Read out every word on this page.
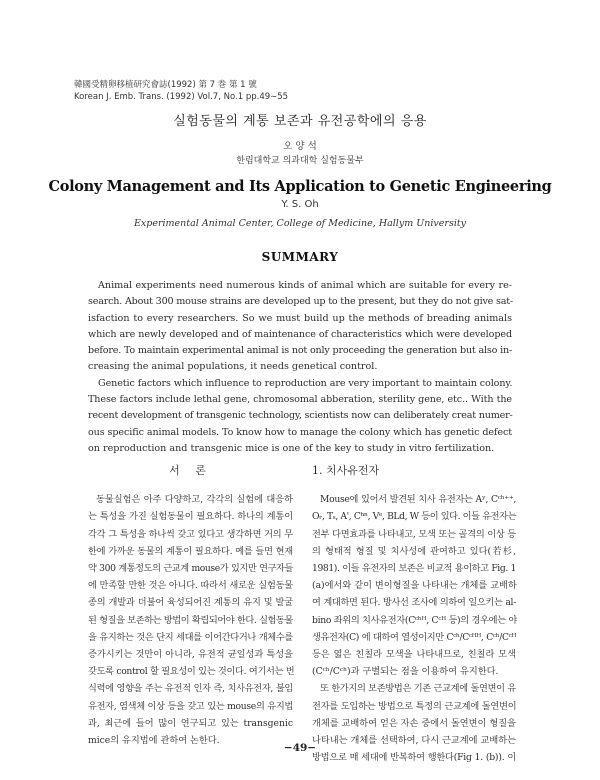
韓國受精卵移植研究會誌(1992) 第 7 巻 第 1 號
Korean J. Emb. Trans. (1992) Vol.7, No.1 pp.49∼55
실험동물의 계통 보존과 유전공학에의 응용
오 양 석
한림대학교 의과대학 실험동물부
Colony Management and Its Application to Genetic Engineering
Y. S. Oh
Experimental Animal Center, College of Medicine, Hallym University
SUMMARY
Animal experiments need numerous kinds of animal which are suitable for every re-
search. About 300 mouse strains are developed up to the present, but they do not give sat-
isfaction to every researchers. So we must build up the methods of breading animals
which are newly developed and of maintenance of characteristics which were developed
before. To maintain experimental animal is not only proceeding the generation but also in-
creasing the animal populations, it needs genetical control.
Genetic factors which influence to reproduction are very important to maintain colony.
These factors include lethal gene, chromosomal abberation, sterility gene, etc.. With the
recent development of transgenic technology, scientists now can deliberately creat numer-
ous specific animal models. To know how to manage the colony which has genetic defect
on reproduction and transgenic mice is one of the key to study in vitro fertilization.
서 론
동물실험은 아주 다양하고, 각각의 실험에 대응하
는 특성을 가진 실험동물이 필요하다. 하나의 계통이
각각 그 특성을 하나씩 갖고 있다고 생각하면 거의 무
한에 가까운 동물의 계통이 필요하다. 예를 들면 현재
약 300 계통정도의 근교계 mouse가 있지만 연구자들
에 만족할 만한 것은 아니다. 따라서 새로운 실험동물
종의 개발과 더불어 육성되어진 계통의 유지 및 발굴
된 형질을 보존하는 방법이 확립되어야 한다. 실험동물
을 유지하는 것은 단지 세대를 이어간다거나 개체수를
증가시키는 것만이 아니라, 유전적 균일성과 특성을
갖도록 control 할 필요성이 있는 것이다. 여기서는 번
식력에 영향을 주는 유전적 인자 즉, 치사유전자, 불임
유전자, 염색체 이상 등을 갖고 있는 mouse의 유지법
과, 최근에 들어 많이 연구되고 있는 transgenic
mice의 유지법에 관하여 논한다.
1. 치사유전자
Mouse에 있어서 발견된 치사 유전자는 Aʸ, Cᶜʰ⁺⁺,
Oᵣ, Tₛ, A', Cʰⁿ, Vᵉ, BLd, W 등이 있다. 이들 유전자는
전부 다면효과를 나타내고, 모색 또는 골격의 이상 등
의 형태적 형질 및 치사성에 관여하고 있다(若杉,
1981). 이들 유전자의 보존은 비교적 용이하고 Fig. 1
(a)에서와 같이 변이형질을 나타내는 개체를 교배하
여 계대하면 된다. 방사선 조사에 의하여 일으키는 al-
bino 좌위의 치사유전자(Cᶜʰᴴ, Cᶜᴴ 등)의 경우에는 야
생유전자(C) 에 대하여 열성이지만 Cᶜʰ/Cᶜᴴᴴ, Cᶜʰ/Cᶜᴴ
등은 엷은 친칠라 모색을 나타내므로, 친칠라 모색
(Cᶜʰ/Cᶜʰ)과 구별되는 점을 이용하여 유지한다.
또 한가지의 보존방법은 기존 근교계에 돌연변이 유
전자를 도입하는 방법으로 특정의 근교계에 돌연변이
개체를 교배하여 얻은 자손 중에서 돌연변이 형질을
나타내는 개체를 선택하여, 다시 근교계에 교배하는
방법으로 매 세대에 반복하여 행한다(Fig 1. (b)). 이
−49−
